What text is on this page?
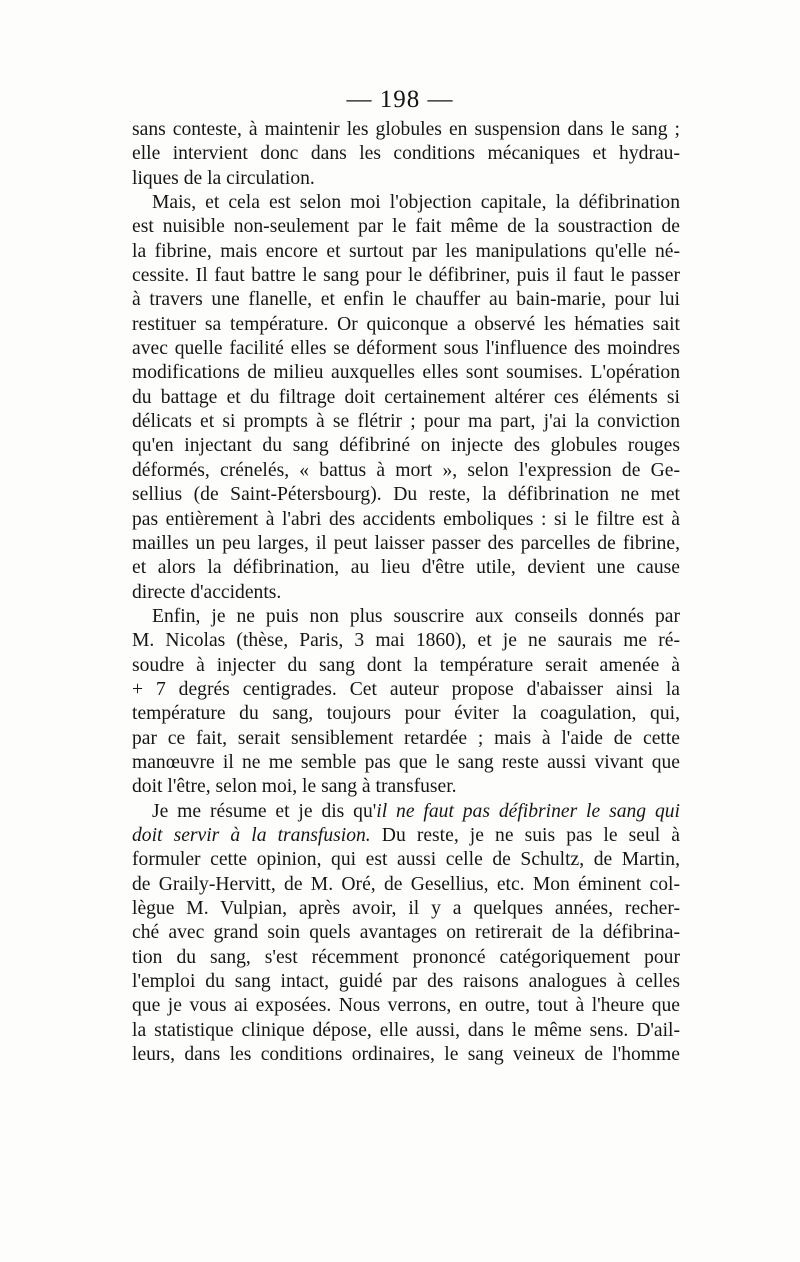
— 198 —
sans conteste, à maintenir les globules en suspension dans le sang ;
elle intervient donc dans les conditions mécaniques et hydrau-
liques de la circulation.
Mais, et cela est selon moi l'objection capitale, la défibrination
est nuisible non-seulement par le fait même de la soustraction de
la fibrine, mais encore et surtout par les manipulations qu'elle né-
cessite. Il faut battre le sang pour le défibriner, puis il faut le passer
à travers une flanelle, et enfin le chauffer au bain-marie, pour lui
restituer sa température. Or quiconque a observé les hématies sait
avec quelle facilité elles se déforment sous l'influence des moindres
modifications de milieu auxquelles elles sont soumises. L'opération
du battage et du filtrage doit certainement altérer ces éléments si
délicats et si prompts à se flétrir ; pour ma part, j'ai la conviction
qu'en injectant du sang défibriné on injecte des globules rouges
déformés, crénelés, « battus à mort », selon l'expression de Ge-
sellius (de Saint-Pétersbourg). Du reste, la défibrination ne met
pas entièrement à l'abri des accidents emboliques : si le filtre est à
mailles un peu larges, il peut laisser passer des parcelles de fibrine,
et alors la défibrination, au lieu d'être utile, devient une cause
directe d'accidents.
Enfin, je ne puis non plus souscrire aux conseils donnés par
M. Nicolas (thèse, Paris, 3 mai 1860), et je ne saurais me ré-
soudre à injecter du sang dont la température serait amenée à
+ 7 degrés centigrades. Cet auteur propose d'abaisser ainsi la
température du sang, toujours pour éviter la coagulation, qui,
par ce fait, serait sensiblement retardée ; mais à l'aide de cette
manœuvre il ne me semble pas que le sang reste aussi vivant que
doit l'être, selon moi, le sang à transfuser.
Je me résume et je dis qu'il ne faut pas défibriner le sang qui
doit servir à la transfusion. Du reste, je ne suis pas le seul à
formuler cette opinion, qui est aussi celle de Schultz, de Martin,
de Graily-Hervitt, de M. Oré, de Gesellius, etc. Mon éminent col-
lègue M. Vulpian, après avoir, il y a quelques années, recher-
ché avec grand soin quels avantages on retirerait de la défibrina-
tion du sang, s'est récemment prononcé catégoriquement pour
l'emploi du sang intact, guidé par des raisons analogues à celles
que je vous ai exposées. Nous verrons, en outre, tout à l'heure que
la statistique clinique dépose, elle aussi, dans le même sens. D'ail-
leurs, dans les conditions ordinaires, le sang veineux de l'homme
